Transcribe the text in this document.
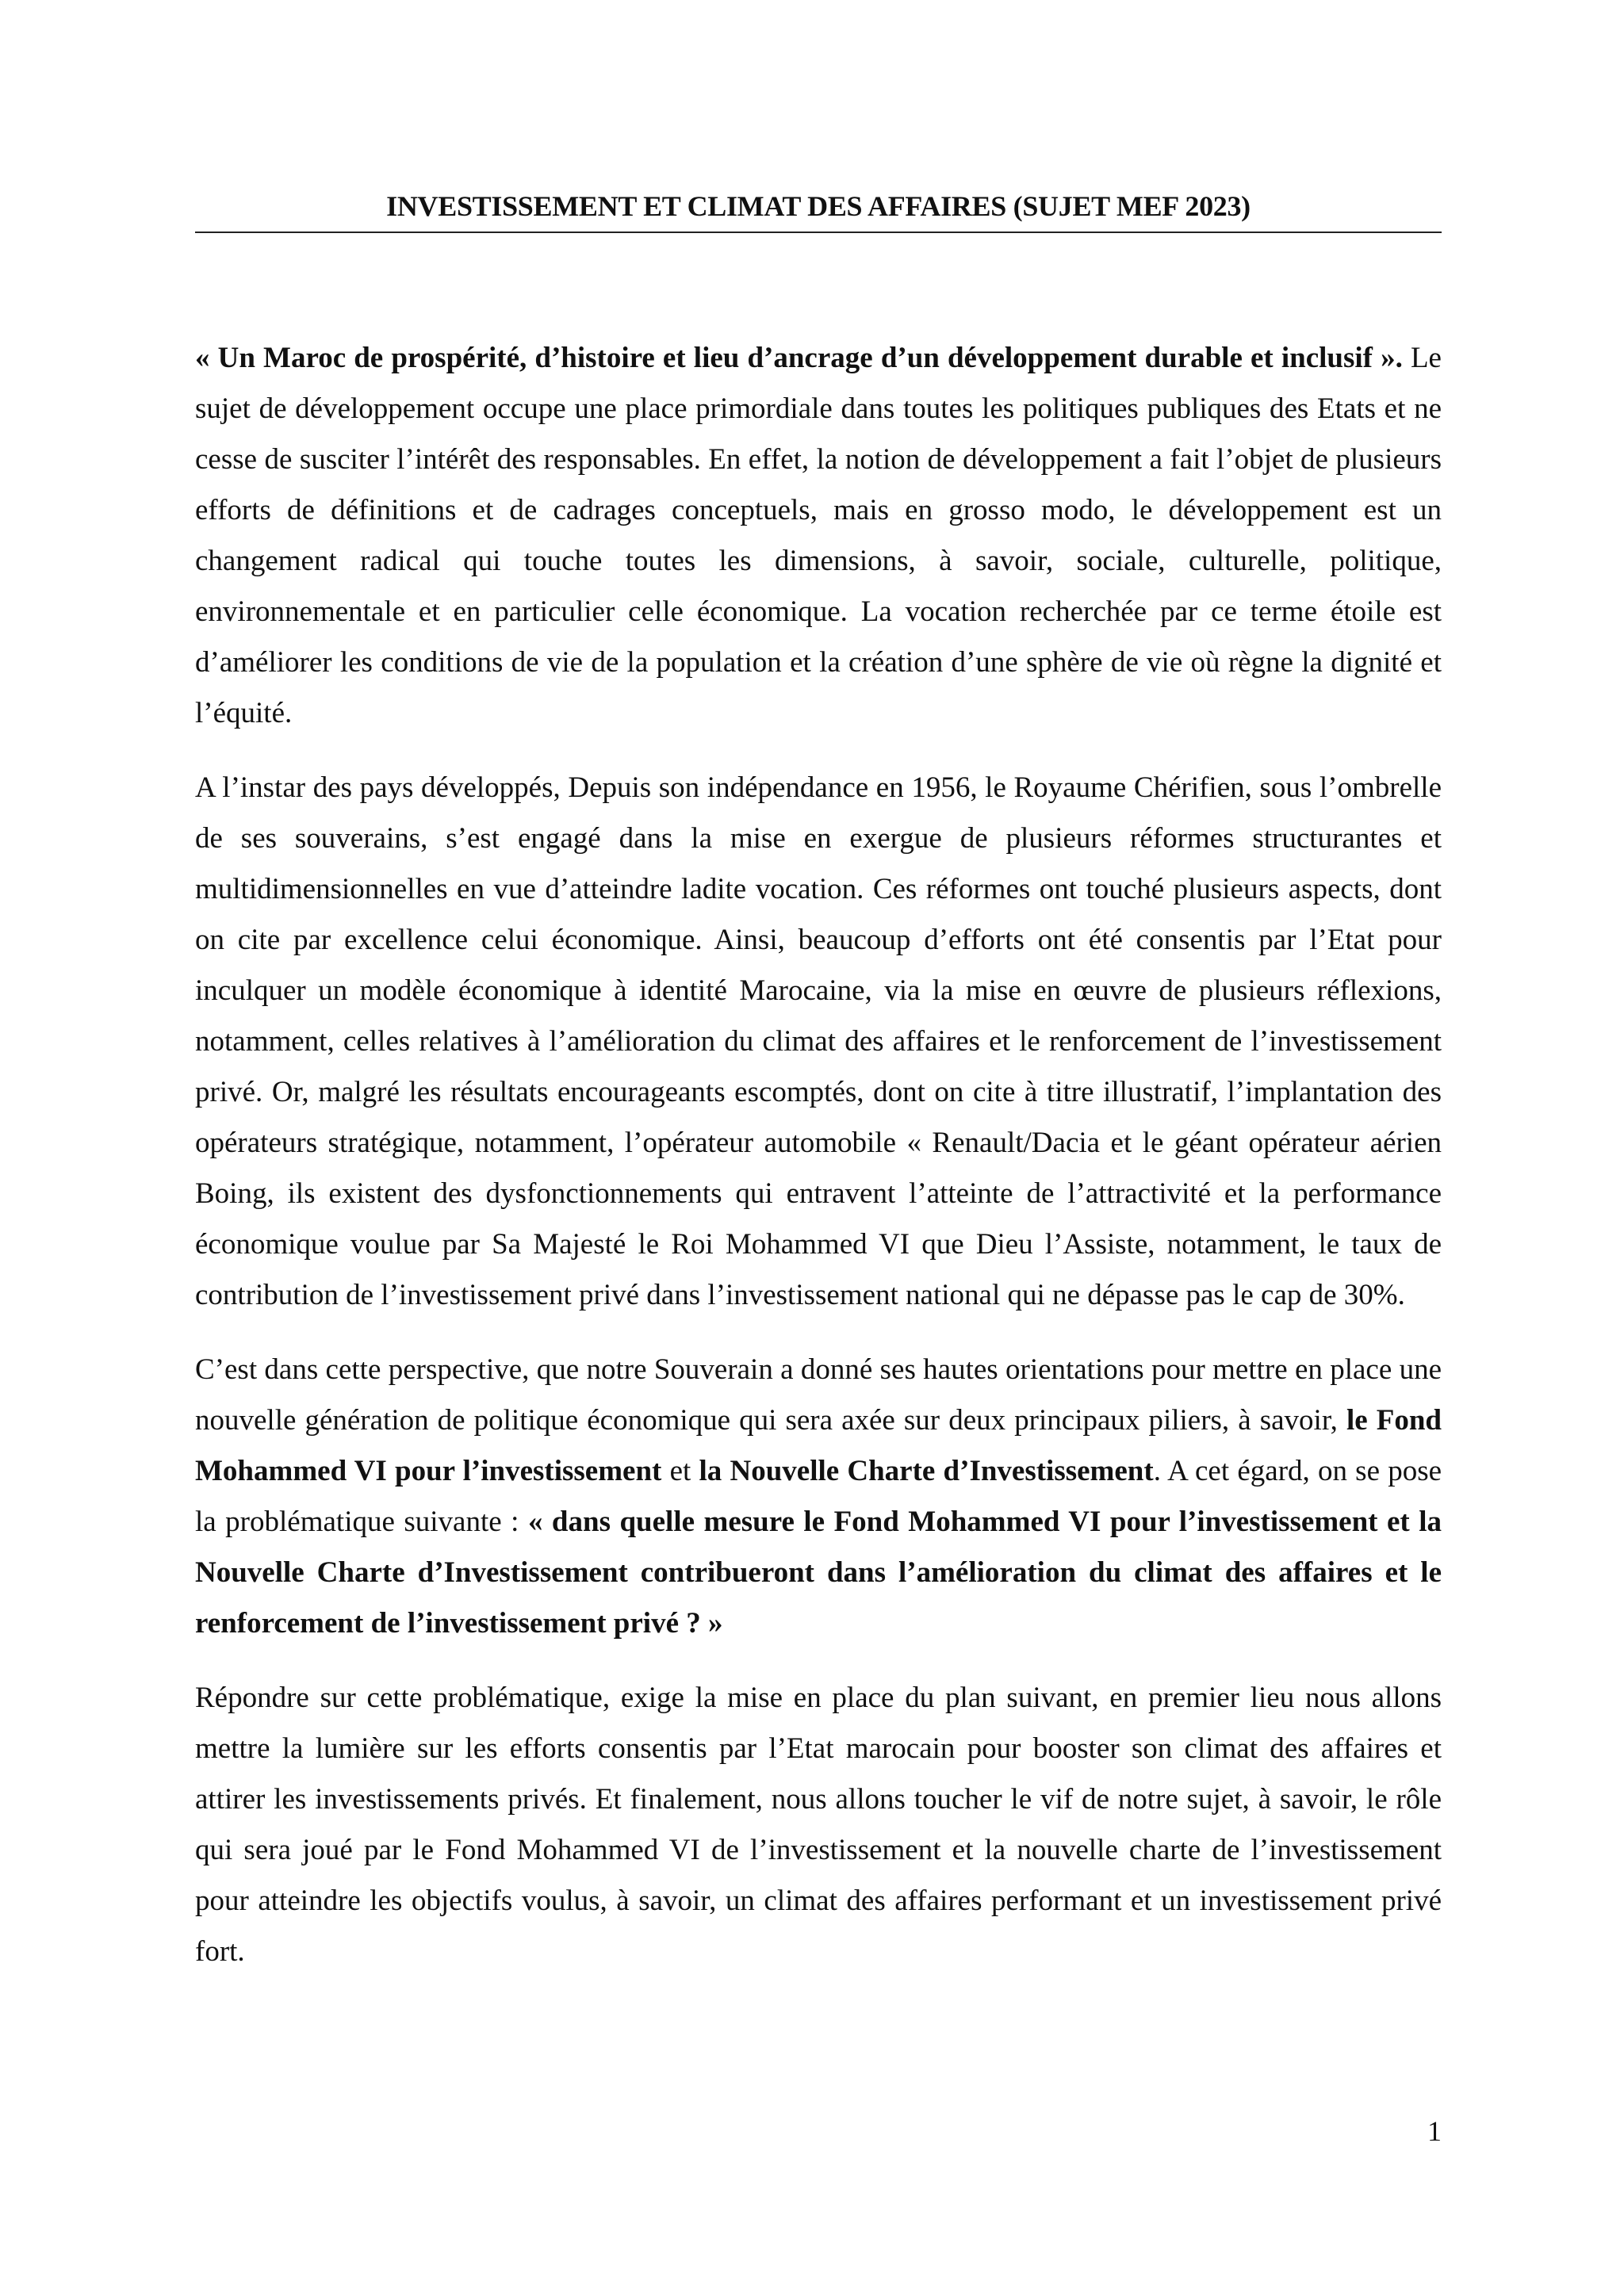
INVESTISSEMENT ET CLIMAT DES AFFAIRES (SUJET MEF 2023)

« Un Maroc de prospérité, d’histoire et lieu d’ancrage d’un développement durable et inclusif ». Le sujet de développement occupe une place primordiale dans toutes les politiques publiques des Etats et ne cesse de susciter l’intérêt des responsables. En effet, la notion de développement a fait l’objet de plusieurs efforts de définitions et de cadrages conceptuels, mais en grosso modo, le développement est un changement radical qui touche toutes les dimensions, à savoir, sociale, culturelle, politique, environnementale et en particulier celle économique. La vocation recherchée par ce terme étoile est d’améliorer les conditions de vie de la population et la création d’une sphère de vie où règne la dignité et l’équité.

A l’instar des pays développés, Depuis son indépendance en 1956, le Royaume Chérifien, sous l’ombrelle de ses souverains, s’est engagé dans la mise en exergue de plusieurs réformes structurantes et multidimensionnelles en vue d’atteindre ladite vocation. Ces réformes ont touché plusieurs aspects, dont on cite par excellence celui économique. Ainsi, beaucoup d’efforts ont été consentis par l’Etat pour inculquer un modèle économique à identité Marocaine, via la mise en œuvre de plusieurs réflexions, notamment, celles relatives à l’amélioration du climat des affaires et le renforcement de l’investissement privé. Or, malgré les résultats encourageants escomptés, dont on cite à titre illustratif, l’implantation des opérateurs stratégique, notamment, l’opérateur automobile « Renault/Dacia et le géant opérateur aérien Boing, ils existent des dysfonctionnements qui entravent l’atteinte de l’attractivité et la performance économique voulue par Sa Majesté le Roi Mohammed VI que Dieu l’Assiste, notamment, le taux de contribution de l’investissement privé dans l’investissement national qui ne dépasse pas le cap de 30%.

C’est dans cette perspective, que notre Souverain a donné ses hautes orientations pour mettre en place une nouvelle génération de politique économique qui sera axée sur deux principaux piliers, à savoir, le Fond Mohammed VI pour l’investissement et la Nouvelle Charte d’Investissement. A cet égard, on se pose la problématique suivante : « dans quelle mesure le Fond Mohammed VI pour l’investissement et la Nouvelle Charte d’Investissement contribueront dans l’amélioration du climat des affaires et le renforcement de l’investissement privé ? »

Répondre sur cette problématique, exige la mise en place du plan suivant, en premier lieu nous allons mettre la lumière sur les efforts consentis par l’Etat marocain pour booster son climat des affaires et attirer les investissements privés. Et finalement, nous allons toucher le vif de notre sujet, à savoir, le rôle qui sera joué par le Fond Mohammed VI de l’investissement et la nouvelle charte de l’investissement pour atteindre les objectifs voulus, à savoir, un climat des affaires performant et un investissement privé fort.

1
